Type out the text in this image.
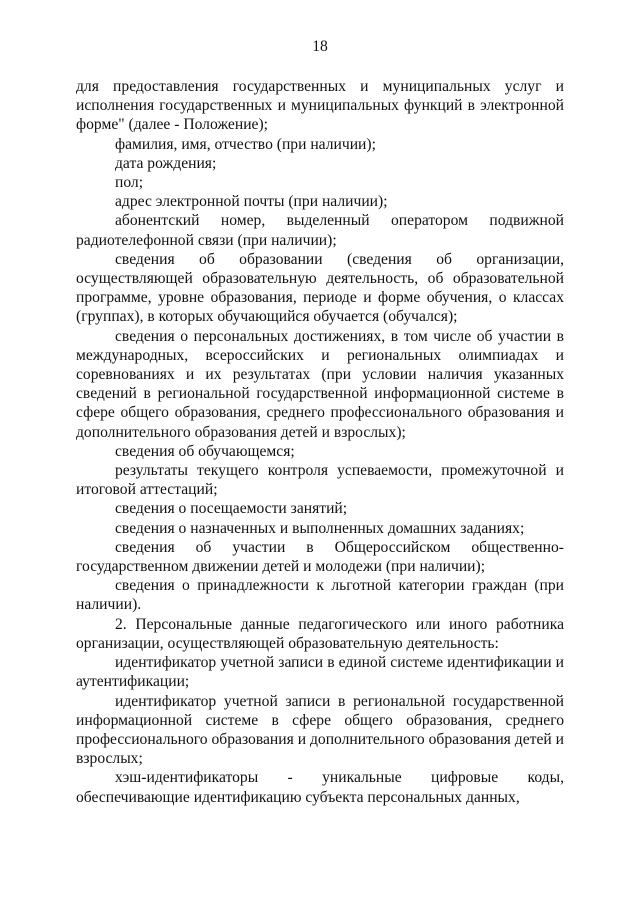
18

для предоставления государственных и муниципальных услуг и исполнения государственных и муниципальных функций в электронной форме" (далее - Положение);

фамилия, имя, отчество (при наличии);

дата рождения;

пол;

адрес электронной почты (при наличии);

абонентский номер, выделенный оператором подвижной радиотелефонной связи (при наличии);

сведения об образовании (сведения об организации, осуществляющей образовательную деятельность, об образовательной программе, уровне образования, периоде и форме обучения, о классах (группах), в которых обучающийся обучается (обучался);

сведения о персональных достижениях, в том числе об участии в международных, всероссийских и региональных олимпиадах и соревнованиях и их результатах (при условии наличия указанных сведений в региональной государственной информационной системе в сфере общего образования, среднего профессионального образования и дополнительного образования детей и взрослых);

сведения об обучающемся;

результаты текущего контроля успеваемости, промежуточной и итоговой аттестаций;

сведения о посещаемости занятий;

сведения о назначенных и выполненных домашних заданиях;

сведения об участии в Общероссийском общественно-государственном движении детей и молодежи (при наличии);

сведения о принадлежности к льготной категории граждан (при наличии).

2. Персональные данные педагогического или иного работника организации, осуществляющей образовательную деятельность:

идентификатор учетной записи в единой системе идентификации и аутентификации;

идентификатор учетной записи в региональной государственной информационной системе в сфере общего образования, среднего профессионального образования и дополнительного образования детей и взрослых;

хэш-идентификаторы - уникальные цифровые коды, обеспечивающие идентификацию субъекта персональных данных,
